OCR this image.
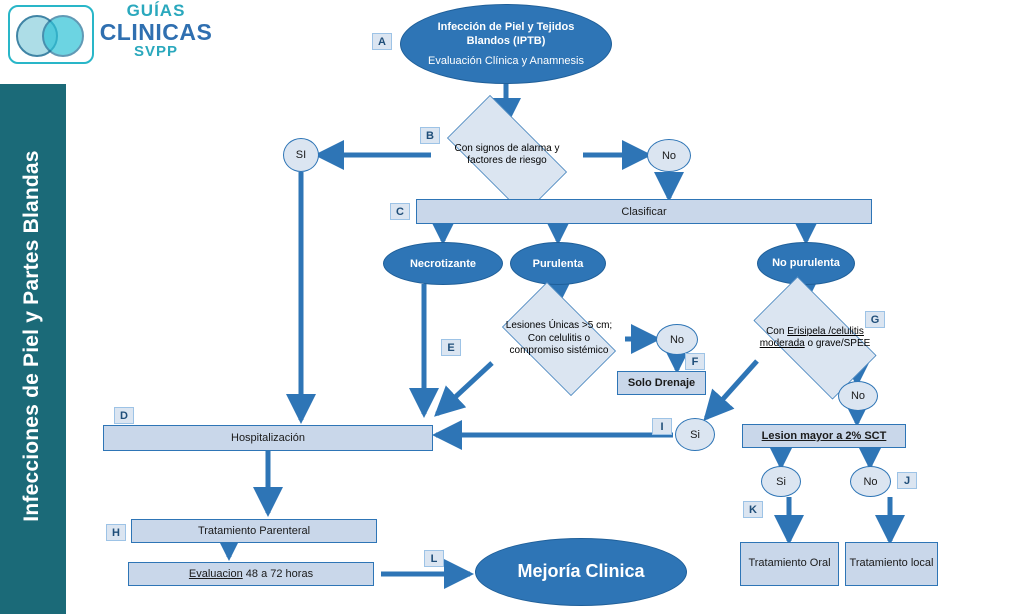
Infecciones de Piel y Partes Blandas
GUÍAS
CLINICAS
SVPP
Infección de Piel y Tejidos Blandos (IPTB)
Evaluación Clínica y Anamnesis
A
Con signos de alarma y factores de riesgo
B
SI	No
Clasificar
C
Necrotizante	Purulenta	No purulenta
Lesiones Únicas >5 cm; Con celulitis o compromiso sistémico
E
No
Solo Drenaje
F
Con Erisipela /celulitis moderada o grave/SPEE
G
No
Si
I
Lesion mayor a 2% SCT
Si	No	J
Hospitalización
D
Tratamiento Parenteral
H
Evaluacion 48 a 72 horas
L
Mejoría Clinica	Tratamiento Oral
K
Tratamiento local
